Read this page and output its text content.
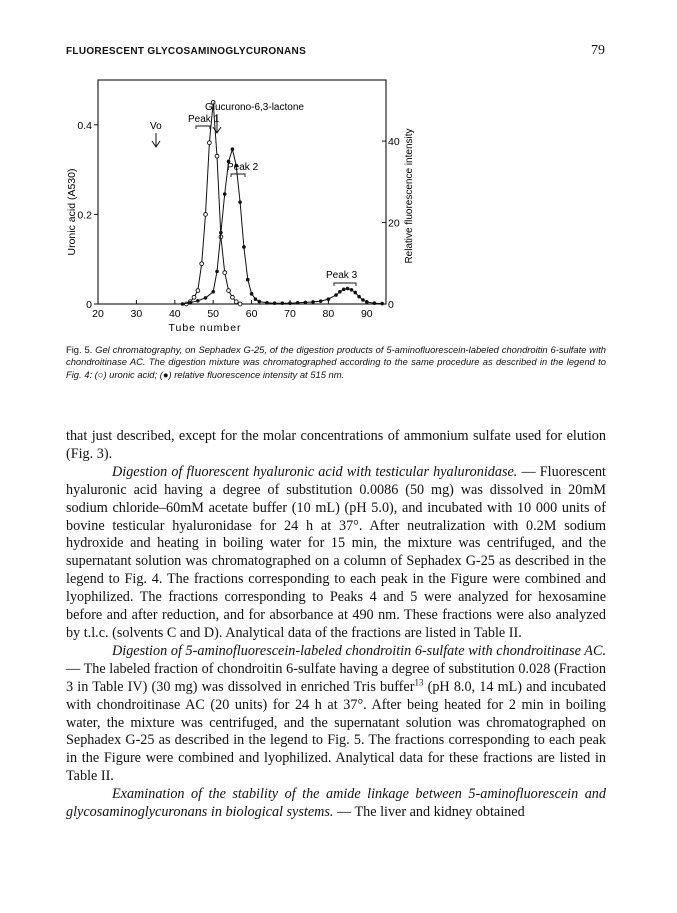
FLUORESCENT GLYCOSAMINOGLYCURONANS	79
20	30	40	50	60	70	80	90
0
0.2
0.4
0
20
40
Vo
Glucurono-6,3-lactone
Peak 1
Peak 2
Peak 3
Tube number
Uronic acid (A530)	Relative fluorescence intensity
Fig. 5. Gel chromatography, on Sephadex G-25, of the digestion products of 5-aminofluorescein-labeled chondroitin 6-sulfate with chondroitinase AC. The digestion mixture was chromatographed according to the same procedure as described in the legend to Fig. 4: (○) uronic acid; (●) relative fluorescence intensity at 515 nm.

that just described, except for the molar concentrations of ammonium sulfate used for elution (Fig. 3).

Digestion of fluorescent hyaluronic acid with testicular hyaluronidase. — Fluorescent hyaluronic acid having a degree of substitution 0.0086 (50 mg) was dissolved in 20mM sodium chloride–60mM acetate buffer (10 mL) (pH 5.0), and incubated with 10 000 units of bovine testicular hyaluronidase for 24 h at 37°. After neutralization with 0.2M sodium hydroxide and heating in boiling water for 15 min, the mixture was centrifuged, and the supernatant solution was chromatographed on a column of Sephadex G-25 as described in the legend to Fig. 4. The fractions corresponding to each peak in the Figure were combined and lyophilized. The fractions corresponding to Peaks 4 and 5 were analyzed for hexosamine before and after reduction, and for absorbance at 490 nm. These fractions were also analyzed by t.l.c. (solvents C and D). Analytical data of the fractions are listed in Table II.

Digestion of 5-aminofluorescein-labeled chondroitin 6-sulfate with chondroitinase AC. — The labeled fraction of chondroitin 6-sulfate having a degree of substitution 0.028 (Fraction 3 in Table IV) (30 mg) was dissolved in enriched Tris buffer$^{13}$ (pH 8.0, 14 mL) and incubated with chondroitinase AC (20 units) for 24 h at 37°. After being heated for 2 min in boiling water, the mixture was centrifuged, and the supernatant solution was chromatographed on Sephadex G-25 as described in the legend to Fig. 5. The fractions corresponding to each peak in the Figure were combined and lyophilized. Analytical data for these fractions are listed in Table II.

Examination of the stability of the amide linkage between 5-aminofluorescein and glycosaminoglycuronans in biological systems. — The liver and kidney obtained
